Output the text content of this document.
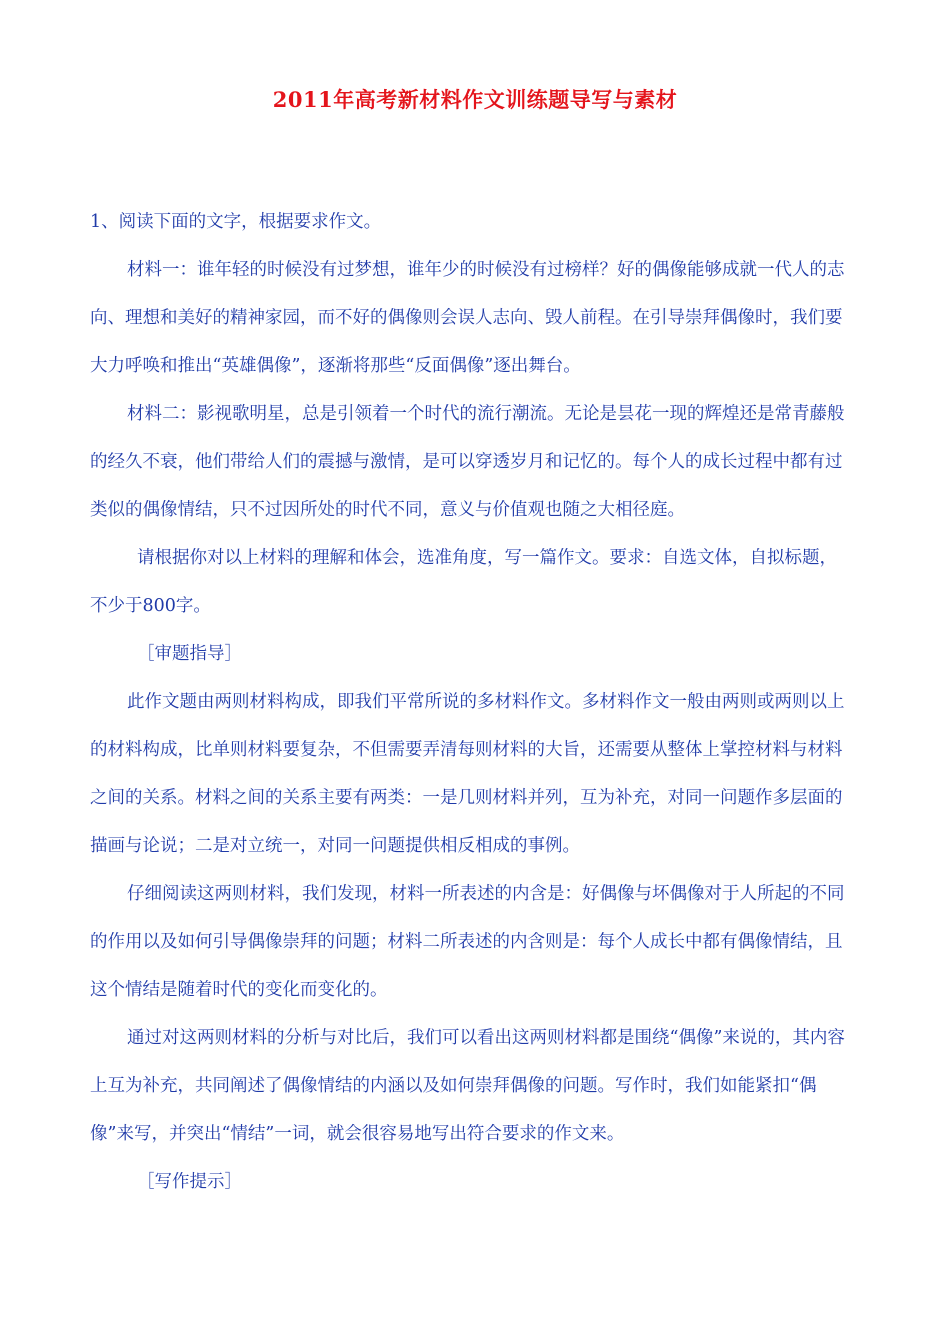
2011年高考新材料作文训练题导写与素材

1、阅读下面的文字，根据要求作文。

材料一：谁年轻的时候没有过梦想，谁年少的时候没有过榜样？好的偶像能够成就一代人的志向、理想和美好的精神家园，而不好的偶像则会误人志向、毁人前程。在引导崇拜偶像时，我们要大力呼唤和推出“英雄偶像”，逐渐将那些“反面偶像”逐出舞台。

材料二：影视歌明星，总是引领着一个时代的流行潮流。无论是昙花一现的辉煌还是常青藤般的经久不衰，他们带给人们的震撼与激情，是可以穿透岁月和记忆的。每个人的成长过程中都有过类似的偶像情结，只不过因所处的时代不同，意义与价值观也随之大相径庭。

请根据你对以上材料的理解和体会，选准角度，写一篇作文。要求：自选文体，自拟标题，不少于800字。

［审题指导］

此作文题由两则材料构成，即我们平常所说的多材料作文。多材料作文一般由两则或两则以上的材料构成，比单则材料要复杂，不但需要弄清每则材料的大旨，还需要从整体上掌控材料与材料之间的关系。材料之间的关系主要有两类：一是几则材料并列，互为补充，对同一问题作多层面的描画与论说；二是对立统一，对同一问题提供相反相成的事例。

仔细阅读这两则材料，我们发现，材料一所表述的内含是：好偶像与坏偶像对于人所起的不同的作用以及如何引导偶像崇拜的问题；材料二所表述的内含则是：每个人成长中都有偶像情结，且这个情结是随着时代的变化而变化的。

通过对这两则材料的分析与对比后，我们可以看出这两则材料都是围绕“偶像”来说的，其内容上互为补充，共同阐述了偶像情结的内涵以及如何崇拜偶像的问题。写作时，我们如能紧扣“偶像”来写，并突出“情结”一词，就会很容易地写出符合要求的作文来。

［写作提示］
